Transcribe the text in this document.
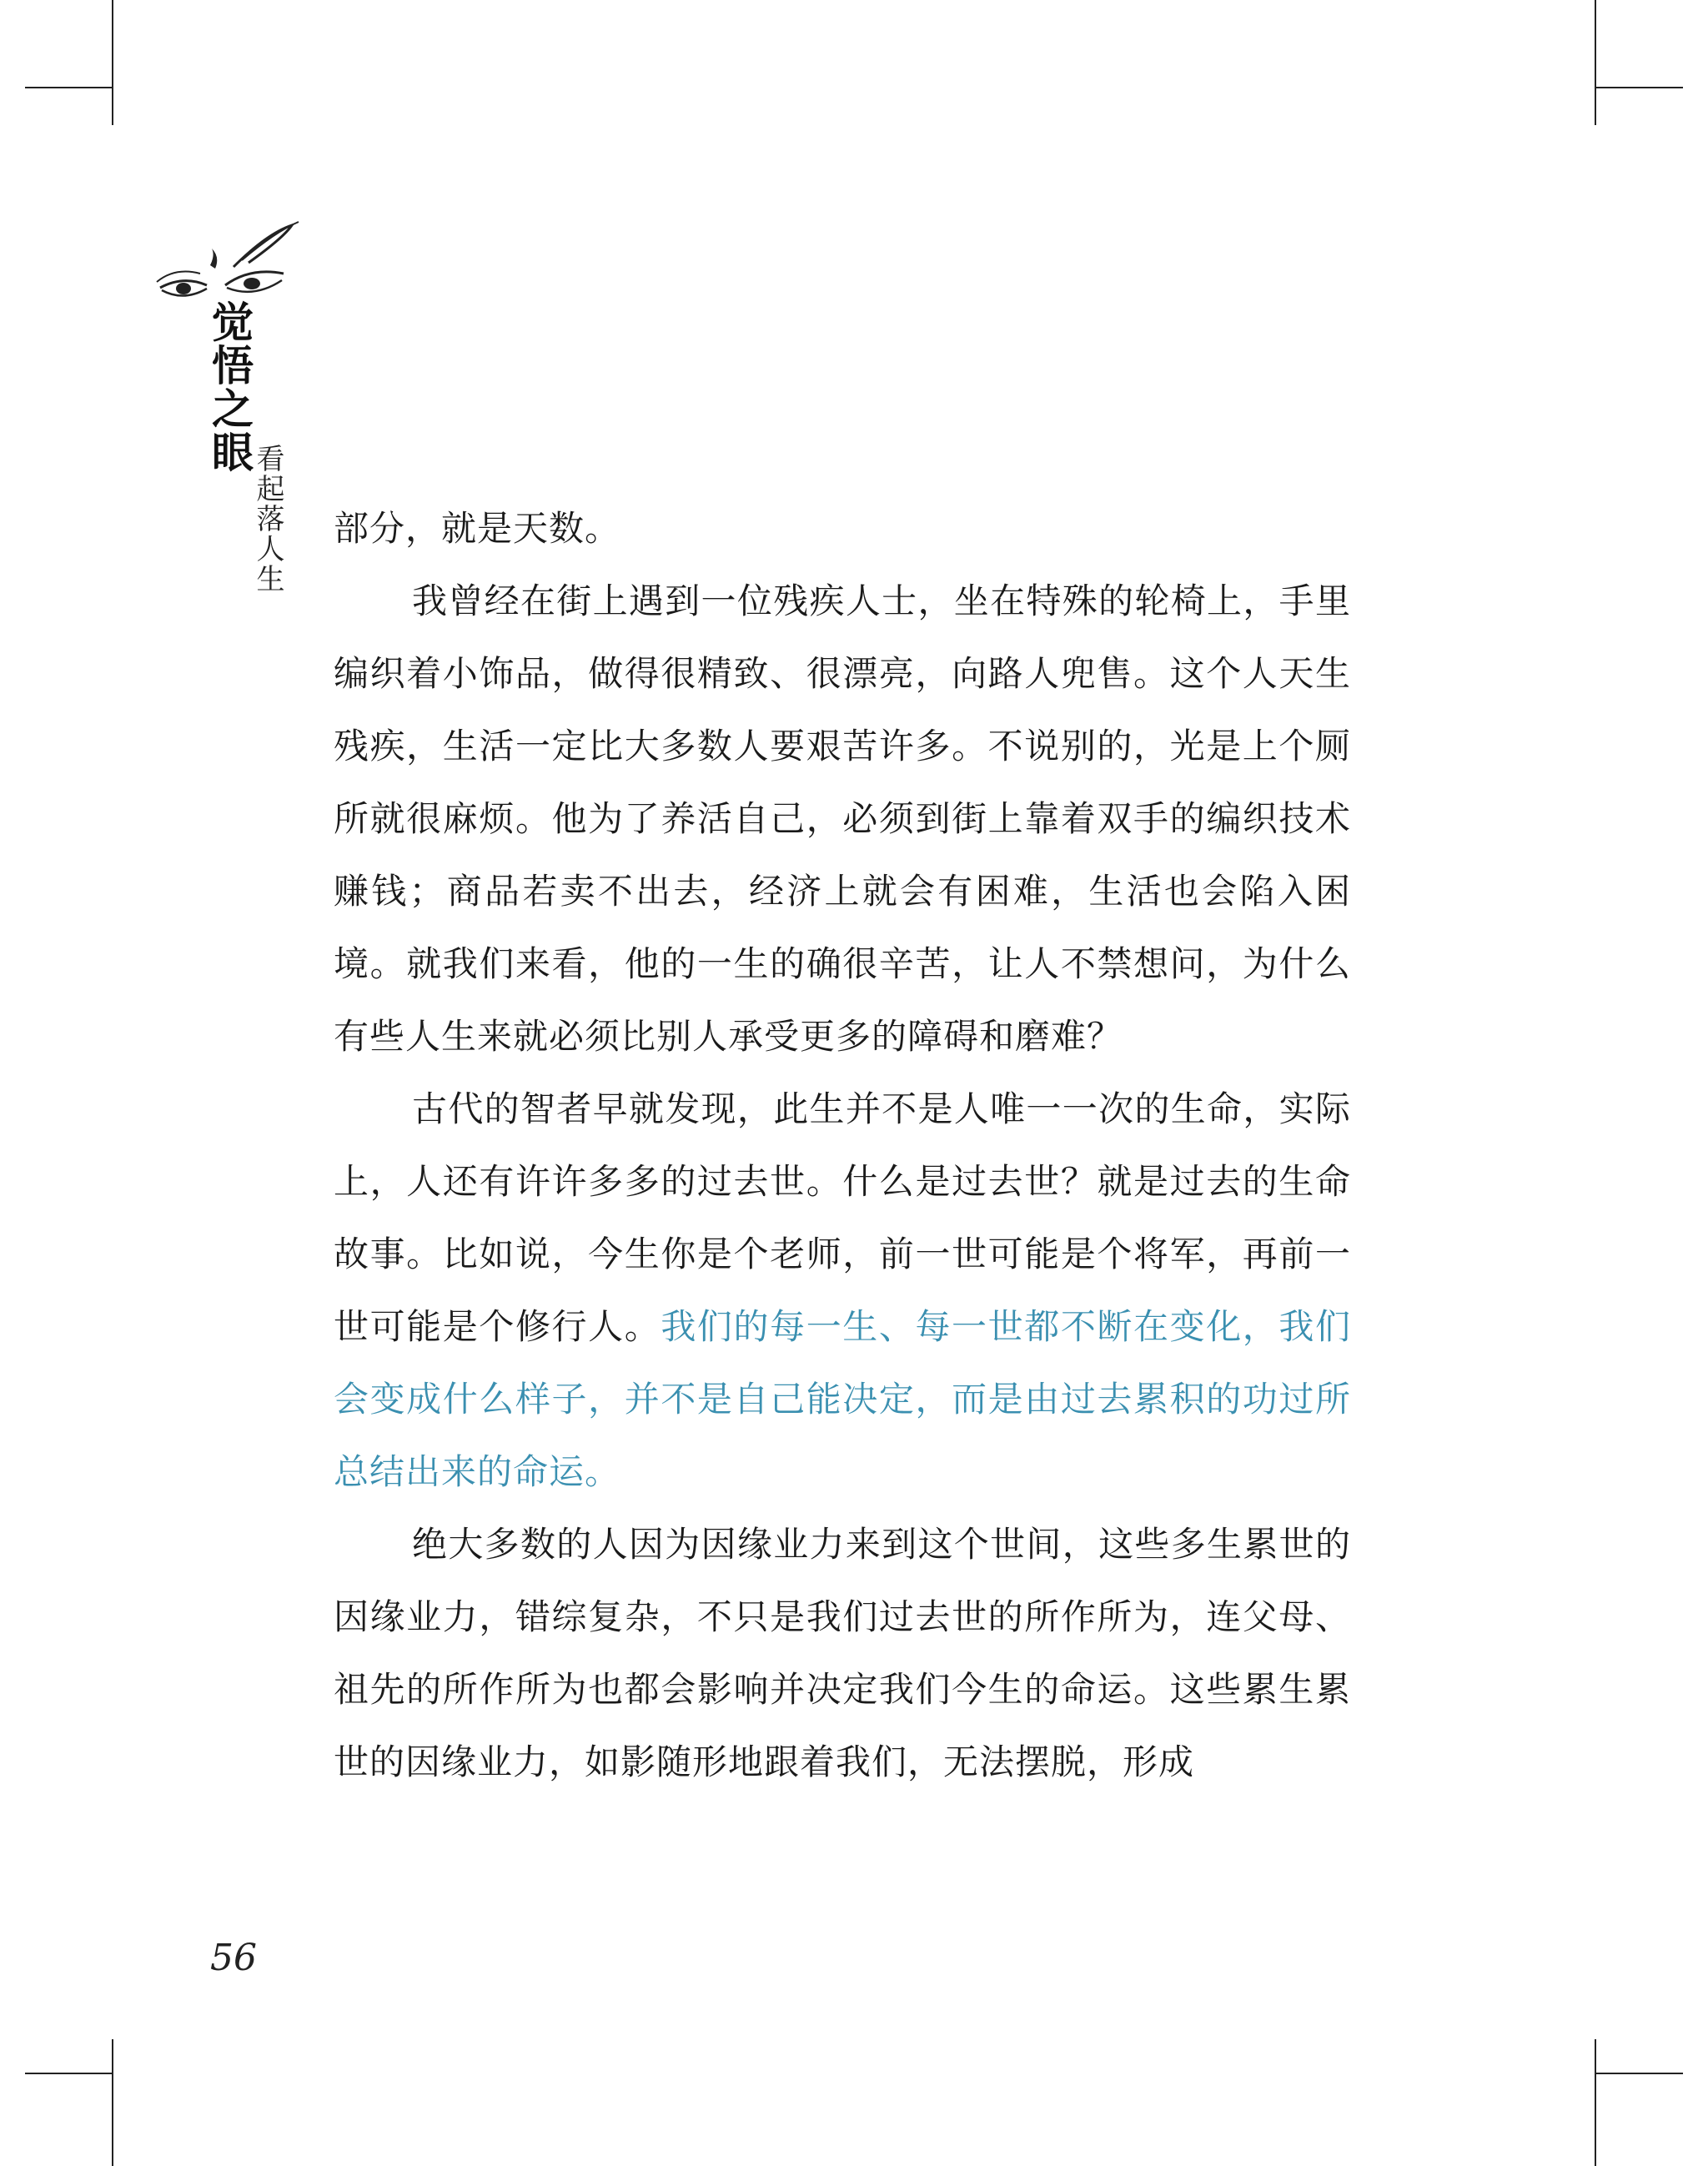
觉悟之眼
看起落人生 部分，就是天数。

我曾经在街上遇到一位残疾人士，坐在特殊的轮椅上，手里编织着小饰品，做得很精致、很漂亮，向路人兜售。这个人天生残疾，生活一定比大多数人要艰苦许多。不说别的，光是上个厕所就很麻烦。他为了养活自己，必须到街上靠着双手的编织技术赚钱；商品若卖不出去，经济上就会有困难，生活也会陷入困境。就我们来看，他的一生的确很辛苦，让人不禁想问，为什么有些人生来就必须比别人承受更多的障碍和磨难？

古代的智者早就发现，此生并不是人唯一一次的生命，实际上，人还有许许多多的过去世。什么是过去世？就是过去的生命故事。比如说，今生你是个老师，前一世可能是个将军，再前一世可能是个修行人。我们的每一生、每一世都不断在变化，我们会变成什么样子，并不是自己能决定，而是由过去累积的功过所总结出来的命运。

绝大多数的人因为因缘业力来到这个世间，这些多生累世的因缘业力，错综复杂，不只是我们过去世的所作所为，连父母、祖先的所作所为也都会影响并决定我们今生的命运。这些累生累世的因缘业力，如影随形地跟着我们，无法摆脱，形成

56
